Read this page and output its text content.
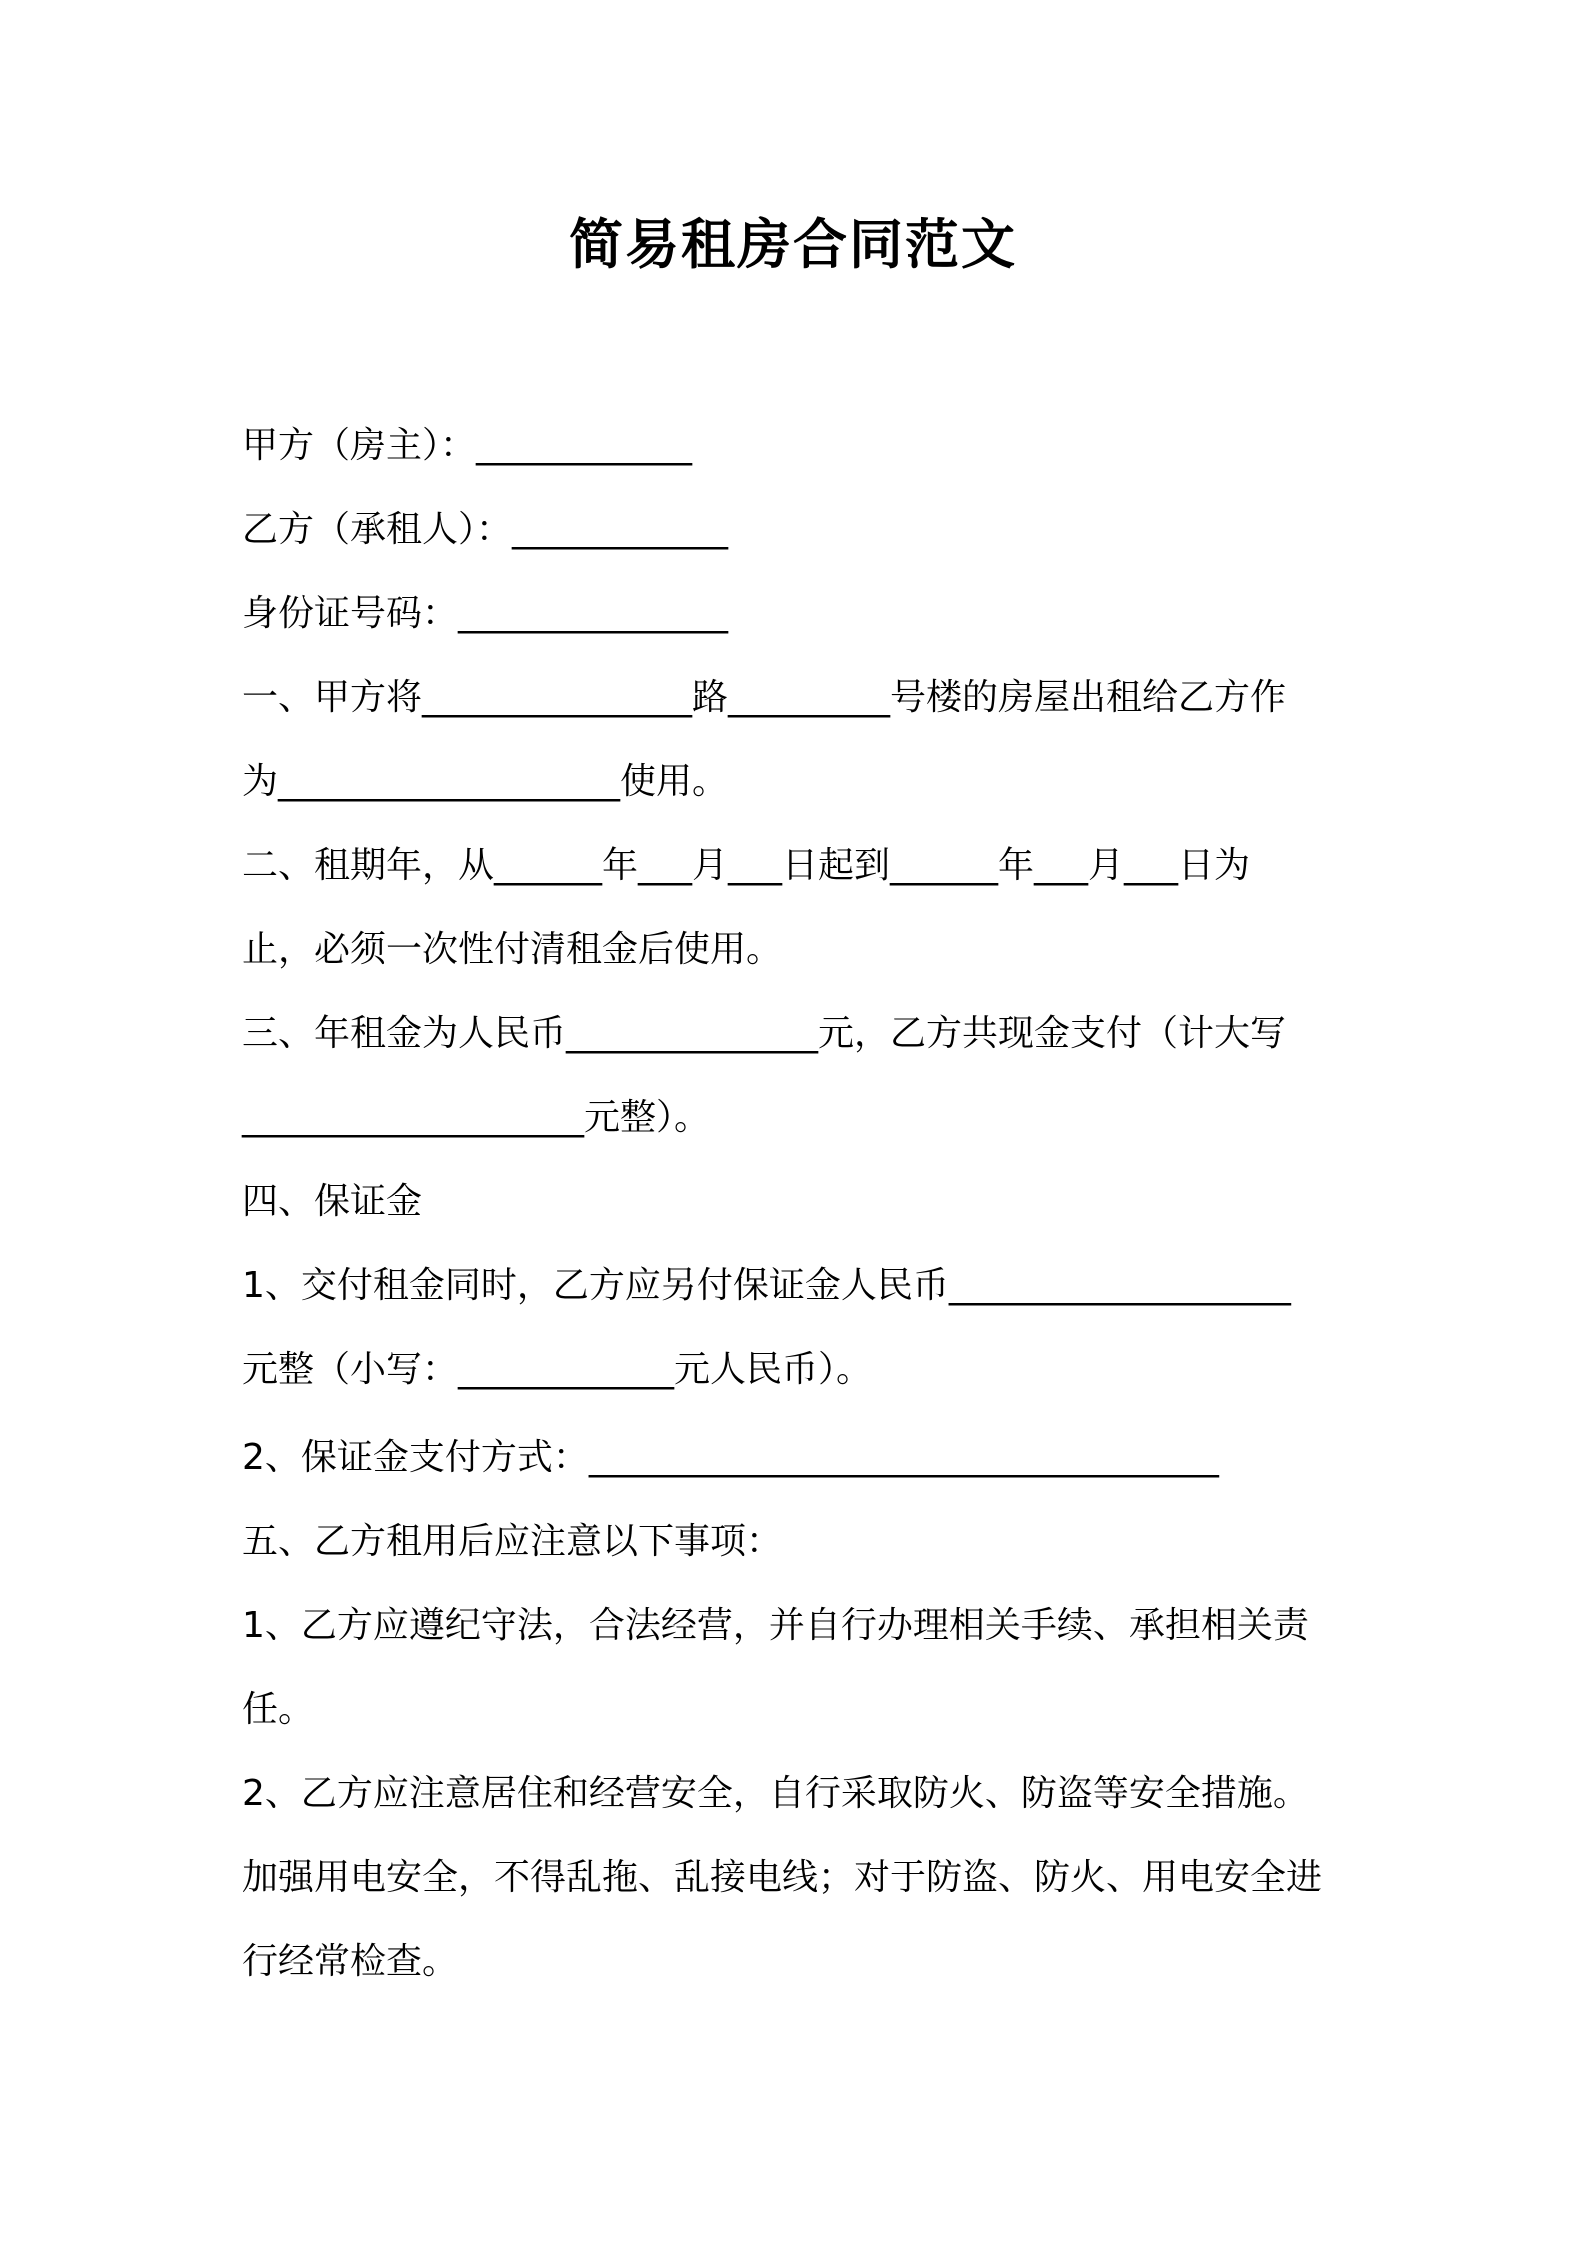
简易租房合同范文
甲方（房主）：____________
乙方（承租人）：____________
身份证号码：_______________
一、甲方将_______________路_________号楼的房屋出租给乙方作
为___________________使用。
二、租期年，从______年___月___日起到______年___月___日为
止，必须一次性付清租金后使用。
三、年租金为人民币______________元，乙方共现金支付（计大写
___________________元整）。
四、保证金
1、交付租金同时，乙方应另付保证金人民币___________________
元整（小写：____________元人民币）。
2、保证金支付方式：___________________________________
五、乙方租用后应注意以下事项：
1、乙方应遵纪守法，合法经营，并自行办理相关手续、承担相关责
任。
2、乙方应注意居住和经营安全，自行采取防火、防盗等安全措施。
加强用电安全，不得乱拖、乱接电线；对于防盗、防火、用电安全进
行经常检查。
